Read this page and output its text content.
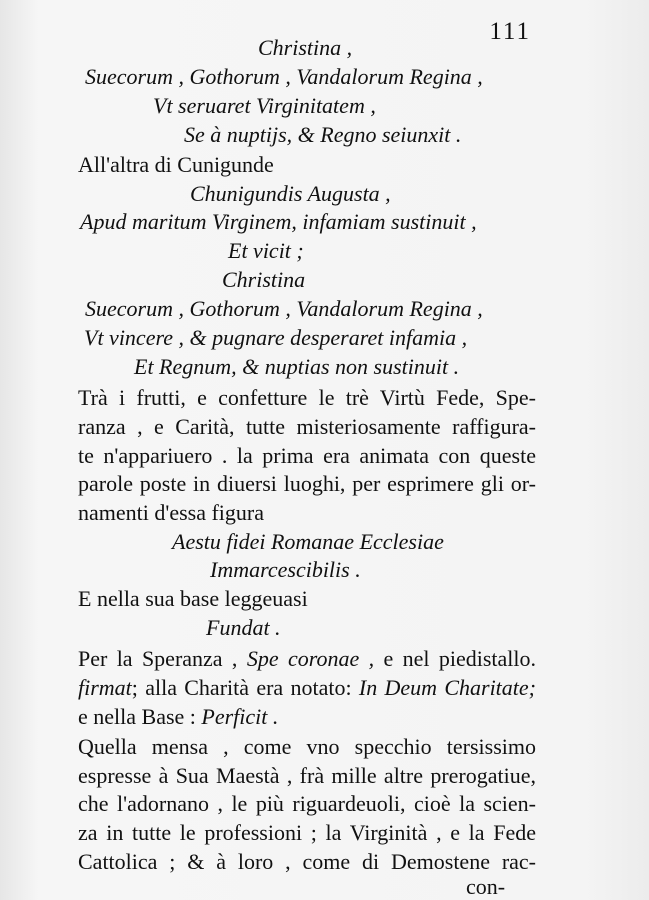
111
Christina ,
Suecorum , Gothorum , Vandalorum Regina ,
Vt seruaret Virginitatem ,
Se à nuptijs, & Regno seiunxit .
All'altra di Cunigunde
Chunigundis Augusta ,
Apud maritum Virginem, infamiam sustinuit ,
Et vicit ;
Christina
Suecorum , Gothorum , Vandalorum Regina ,
Vt vincere , & pugnare desperaret infamia ,
Et Regnum, & nuptias non sustinuit .
Trà i frutti, e confetture le trè Virtù Fede, Spe-
ranza , e Carità, tutte misteriosamente raffigura-
te n'appariuero . la prima era animata con queste
parole poste in diuersi luoghi, per esprimere gli or-
namenti d'essa figura
Aestu fidei Romanae Ecclesiae
Immarcescibilis .
E nella sua base leggeuasi
Fundat .
Per la Speranza , Spe coronae , e nel piedistallo.
firmat; alla Charità era notato: In Deum Charitate;
e nella Base : Perficit .
Quella mensa , come vno specchio tersissimo
espresse à Sua Maestà , frà mille altre prerogatiue,
che l'adornano , le più riguardeuoli, cioè la scien-
za in tutte le professioni ; la Virginità , e la Fede
Cattolica ; & à loro , come di Demostene rac-
con-
